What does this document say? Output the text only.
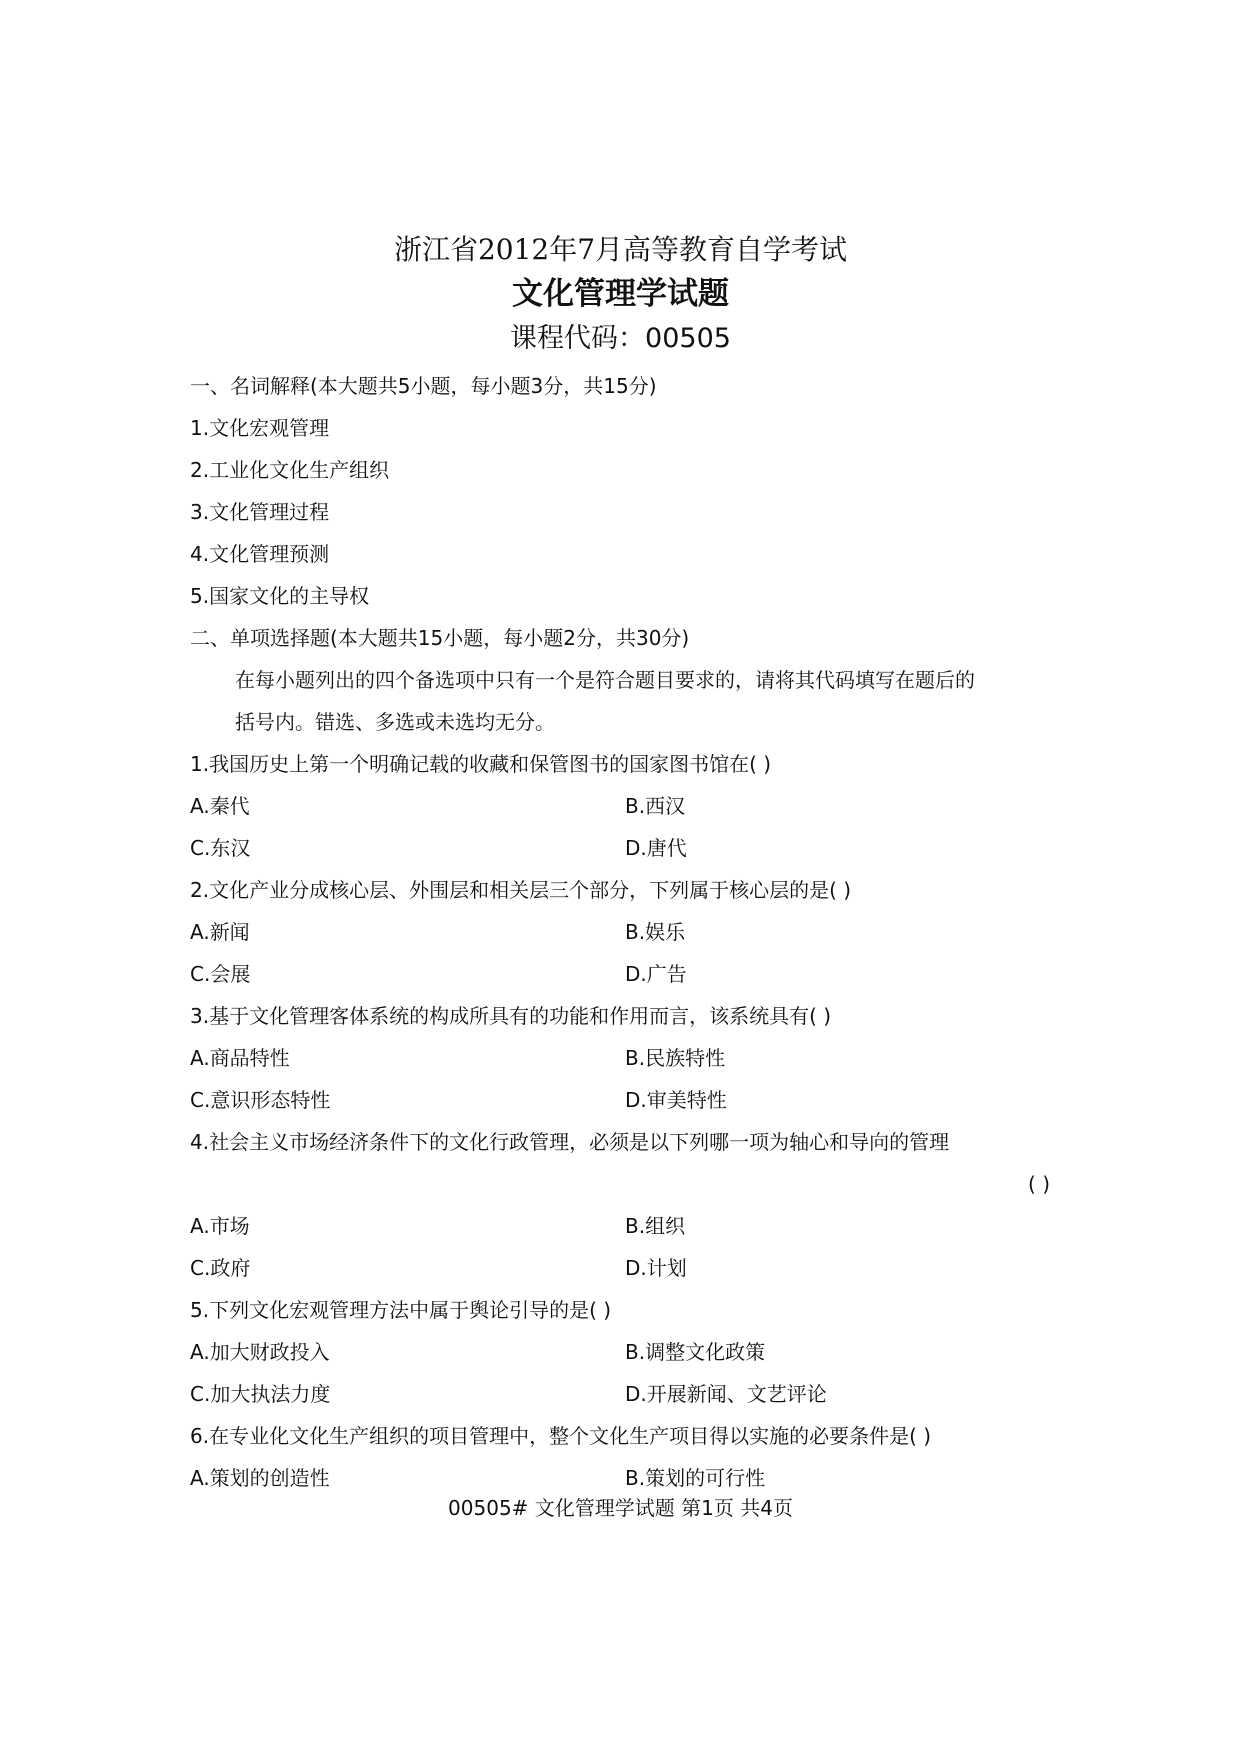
浙江省2012年7月高等教育自学考试
文化管理学试题
课程代码：00505
一、名词解释(本大题共5小题，每小题3分，共15分)
1.文化宏观管理
2.工业化文化生产组织
3.文化管理过程
4.文化管理预测
5.国家文化的主导权
二、单项选择题(本大题共15小题，每小题2分，共30分)
在每小题列出的四个备选项中只有一个是符合题目要求的，请将其代码填写在题后的
括号内。错选、多选或未选均无分。
1.我国历史上第一个明确记载的收藏和保管图书的国家图书馆在( )
A.秦代	B.西汉
C.东汉	D.唐代
2.文化产业分成核心层、外围层和相关层三个部分，下列属于核心层的是( )
A.新闻	B.娱乐
C.会展	D.广告
3.基于文化管理客体系统的构成所具有的功能和作用而言，该系统具有( )
A.商品特性	B.民族特性
C.意识形态特性	D.审美特性
4.社会主义市场经济条件下的文化行政管理，必须是以下列哪一项为轴心和导向的管理
( )
A.市场	B.组织
C.政府	D.计划
5.下列文化宏观管理方法中属于舆论引导的是( )
A.加大财政投入	B.调整文化政策
C.加大执法力度	D.开展新闻、文艺评论
6.在专业化文化生产组织的项目管理中，整个文化生产项目得以实施的必要条件是( )
A.策划的创造性	B.策划的可行性
00505# 文化管理学试题 第1页 共4页
